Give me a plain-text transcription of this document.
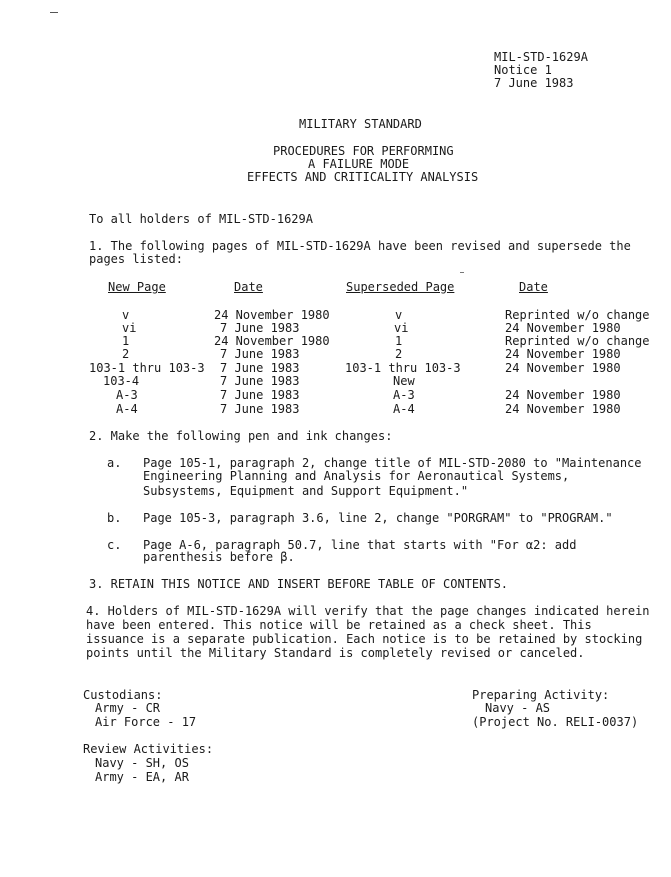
MIL-STD-1629A
Notice 1
7 June 1983
MILITARY STANDARD
PROCEDURES FOR PERFORMING
A FAILURE MODE
EFFECTS AND CRITICALITY ANALYSIS
To all holders of MIL-STD-1629A
1. The following pages of MIL-STD-1629A have been revised and supersede the
pages listed:
New Page	Date	Superseded Page	Date
v	24 November 1980	v	Reprinted w/o change
vi	7 June 1983	vi	24 November 1980
1	24 November 1980	1	Reprinted w/o change
2	7 June 1983	2	24 November 1980
103-1 thru 103-3 7 June 1983	103-1 thru 103-3	24 November 1980
103-4	7 June 1983	New
A-3	7 June 1983	A-3	24 November 1980
A-4	7 June 1983	A-4	24 November 1980
2. Make the following pen and ink changes:
a. Page 105-1, paragraph 2, change title of MIL-STD-2080 to "Maintenance
Engineering Planning and Analysis for Aeronautical Systems,
Subsystems, Equipment and Support Equipment."
b. Page 105-3, paragraph 3.6, line 2, change "PORGRAM" to "PROGRAM."
c. Page A-6, paragraph 50.7, line that starts with "For α2: add
parenthesis before β.
3. RETAIN THIS NOTICE AND INSERT BEFORE TABLE OF CONTENTS.
4. Holders of MIL-STD-1629A will verify that the page changes indicated herein
have been entered. This notice will be retained as a check sheet. This
issuance is a separate publication. Each notice is to be retained by stocking
points until the Military Standard is completely revised or canceled.
Custodians:
Army - CR
Air Force - 17
Preparing Activity:
Navy - AS
(Project No. RELI-0037)
Review Activities:
Navy - SH, OS
Army - EA, AR
